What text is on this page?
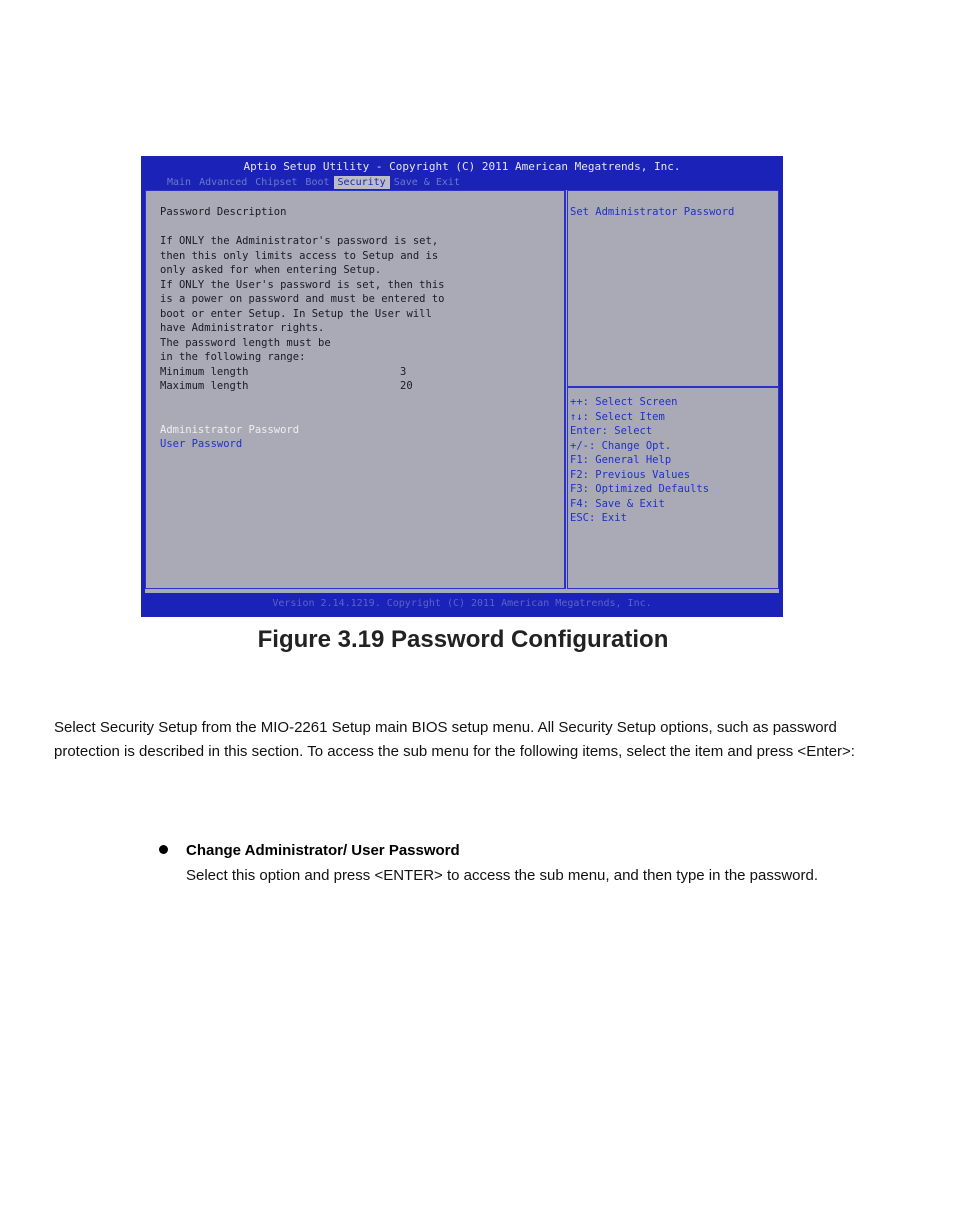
Aptio Setup Utility - Copyright (C) 2011 American Megatrends, Inc.
Main Advanced Chipset Boot Security Save & Exit
Password Description
If ONLY the Administrator's password is set,
then this only limits access to Setup and is
only asked for when entering Setup.
If ONLY the User's password is set, then this
is a power on password and must be entered to
boot or enter Setup. In Setup the User will
have Administrator rights.
The password length must be
in the following range:
Minimum length
Maximum length
3
20
Administrator Password
User Password
Set Administrator Password
++: Select Screen
↑↓: Select Item
Enter: Select
+/-: Change Opt.
F1: General Help
F2: Previous Values
F3: Optimized Defaults
F4: Save & Exit
ESC: Exit
Version 2.14.1219. Copyright (C) 2011 American Megatrends, Inc.
Figure 3.19 Password Configuration
Select Security Setup from the MIO-2261 Setup main BIOS setup menu. All Security Setup options, such as password protection is described in this section. To access the sub menu for the following items, select the item and press <Enter>:
Change Administrator/ User Password
Select this option and press <ENTER> to access the sub menu, and then type in the password.
